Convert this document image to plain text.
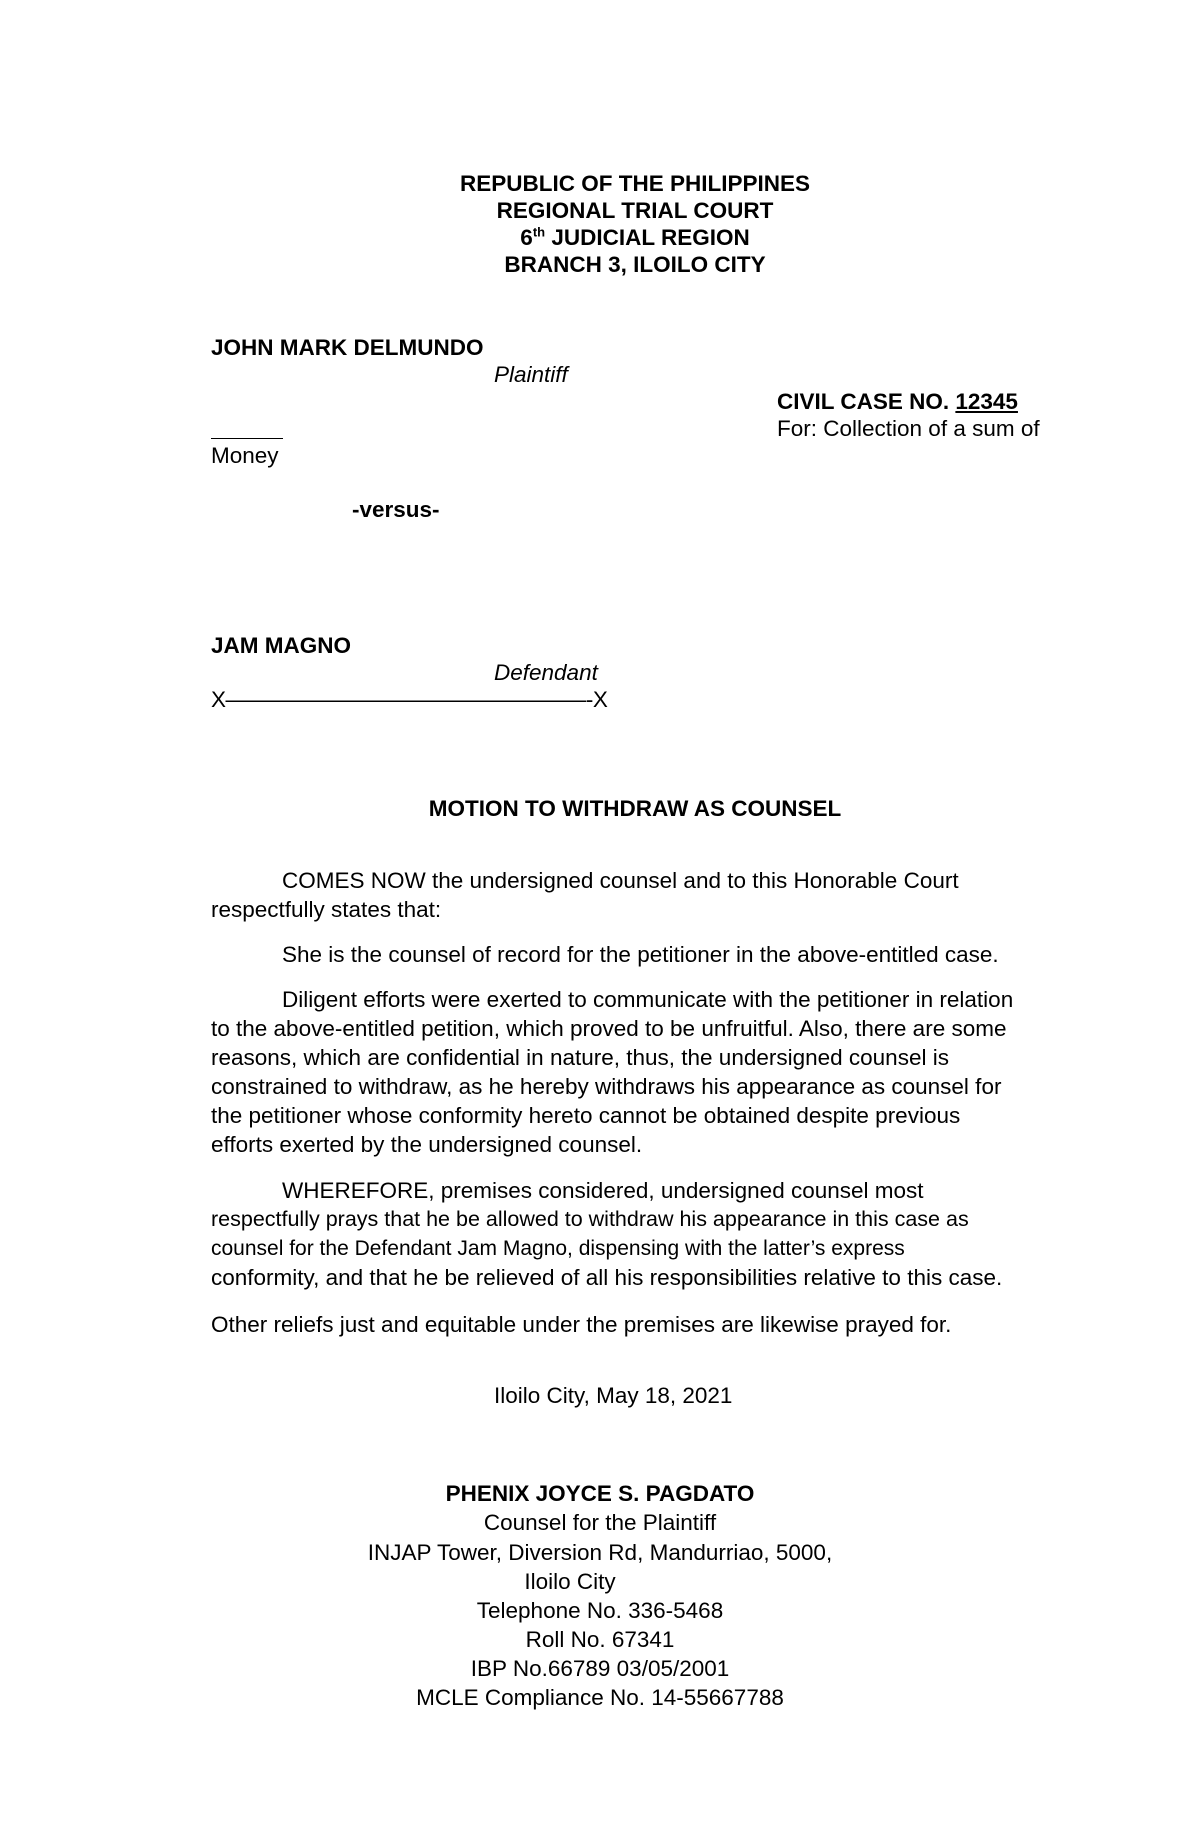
REPUBLIC OF THE PHILIPPINES
REGIONAL TRIAL COURT
6th JUDICIAL REGION
BRANCH 3, ILOILO CITY
JOHN MARK DELMUNDO
Plaintiff
CIVIL CASE NO. 12345
For: Collection of a sum of
Money
-versus-
JAM MAGNO
Defendant
X––––––––––––––––––––––––––––––-X
MOTION TO WITHDRAW AS COUNSEL
COMES NOW the undersigned counsel and to this Honorable Court
respectfully states that:
She is the counsel of record for the petitioner in the above-entitled case.
Diligent efforts were exerted to communicate with the petitioner in relation
to the above-entitled petition, which proved to be unfruitful. Also, there are some
reasons, which are confidential in nature, thus, the undersigned counsel is
constrained to withdraw, as he hereby withdraws his appearance as counsel for
the petitioner whose conformity hereto cannot be obtained despite previous
efforts exerted by the undersigned counsel.
WHEREFORE, premises considered, undersigned counsel most
respectfully prays that he be allowed to withdraw his appearance in this case as
counsel for the Defendant Jam Magno, dispensing with the latter’s express
conformity, and that he be relieved of all his responsibilities relative to this case.
Other reliefs just and equitable under the premises are likewise prayed for.
Iloilo City, May 18, 2021
PHENIX JOYCE S. PAGDATO
Counsel for the Plaintiff
INJAP Tower, Diversion Rd, Mandurriao, 5000,
Iloilo City
Telephone No. 336-5468
Roll No. 67341
IBP No.66789 03/05/2001
MCLE Compliance No. 14-55667788
